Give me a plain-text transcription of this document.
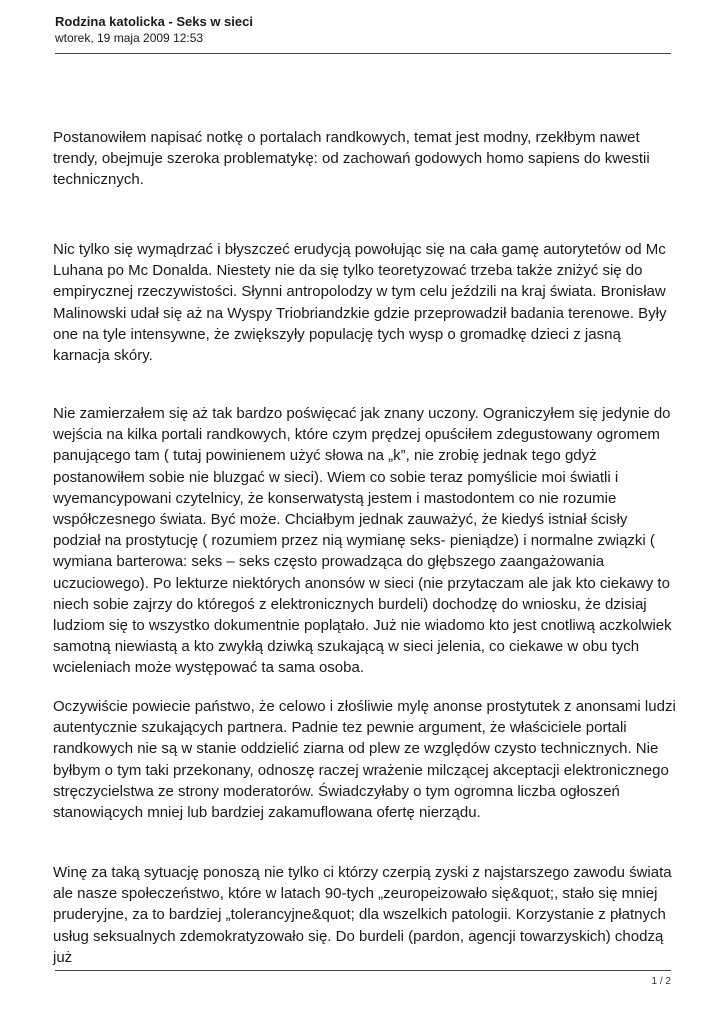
Rodzina katolicka - Seks w sieci

wtorek, 19 maja 2009 12:53

Postanowiłem napisać notkę o portalach randkowych, temat jest modny, rzekłbym nawet trendy, obejmuje szeroka problematykę: od zachowań godowych homo sapiens do kwestii technicznych.

Nic tylko się wymądrzać i błyszczeć erudycją powołując się na cała gamę autorytetów od Mc Luhana po Mc Donalda. Niestety nie da się tylko teoretyzować trzeba także zniżyć się do empirycznej rzeczywistości. Słynni antropolodzy w tym celu jeździli na kraj świata. Bronisław Malinowski udał się aż na Wyspy Triobriandzkie gdzie przeprowadził badania terenowe. Były one na tyle intensywne, że zwiększyły populację tych wysp o gromadkę dzieci z jasną karnacja skóry.

Nie zamierzałem się aż tak bardzo poświęcać jak znany uczony. Ograniczyłem się jedynie do wejścia na kilka portali randkowych, które czym prędzej opuściłem zdegustowany ogromem panującego tam ( tutaj powinienem użyć słowa na „k”, nie zrobię jednak tego gdyż postanowiłem sobie nie bluzgać w sieci). Wiem co sobie teraz pomyślicie moi światli i wyemancypowani czytelnicy, że konserwatystą jestem i mastodontem co nie rozumie współczesnego świata. Być może. Chciałbym jednak zauważyć, że kiedyś istniał ścisły podział na prostytucję ( rozumiem przez nią wymianę seks- pieniądze) i normalne związki ( wymiana barterowa: seks – seks często prowadząca do głębszego zaangażowania uczuciowego). Po lekturze niektórych anonsów w sieci (nie przytaczam ale jak kto ciekawy to niech sobie zajrzy do któregoś z elektronicznych burdeli) dochodzę do wniosku, że dzisiaj ludziom się to wszystko dokumentnie poplątało. Już nie wiadomo kto jest cnotliwą aczkolwiek samotną niewiastą a kto zwykłą dziwką szukającą w sieci jelenia, co ciekawe w obu tych wcieleniach może występować ta sama osoba.

Oczywiście powiecie państwo, że celowo i złośliwie mylę anonse prostytutek z anonsami ludzi autentycznie szukających partnera. Padnie tez pewnie argument, że właściciele portali randkowych nie są w stanie oddzielić ziarna od plew ze względów czysto technicznych. Nie byłbym o tym taki przekonany, odnoszę raczej wrażenie milczącej akceptacji elektronicznego stręczycielstwa ze strony moderatorów. Świadczyłaby o tym ogromna liczba ogłoszeń stanowiących mniej lub bardziej zakamuflowana ofertę nierządu.

Winę za taką sytuację ponoszą nie tylko ci którzy czerpią zyski z najstarszego zawodu świata ale nasze społeczeństwo, które w latach 90-tych „zeuropeizowało się&quot;, stało się mniej pruderyjne, za to bardziej „tolerancyjne&quot; dla wszelkich patologii. Korzystanie z płatnych usług seksualnych zdemokratyzowało się. Do burdeli (pardon, agencji towarzyskich) chodzą już

1 / 2
